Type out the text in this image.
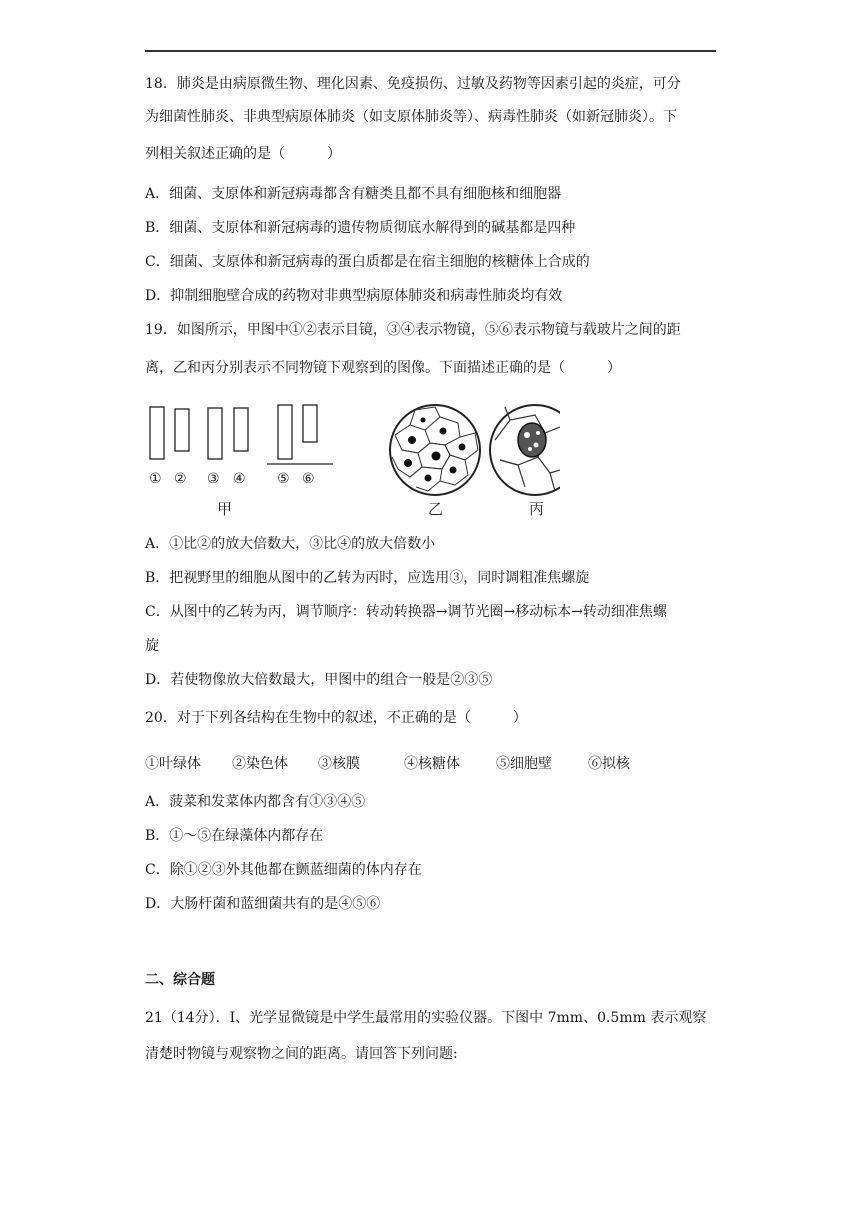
18．肺炎是由病原微生物、理化因素、免疫损伤、过敏及药物等因素引起的炎症，可分
为细菌性肺炎、非典型病原体肺炎（如支原体肺炎等）、病毒性肺炎（如新冠肺炎）。下
列相关叙述正确的是（　　　）
A．细菌、支原体和新冠病毒都含有糖类且都不具有细胞核和细胞器
B．细菌、支原体和新冠病毒的遗传物质彻底水解得到的碱基都是四种
C．细菌、支原体和新冠病毒的蛋白质都是在宿主细胞的核糖体上合成的
D．抑制细胞壁合成的药物对非典型病原体肺炎和病毒性肺炎均有效
19．如图所示，甲图中①②表示目镜，③④表示物镜，⑤⑥表示物镜与载玻片之间的距
离，乙和丙分别表示不同物镜下观察到的图像。下面描述正确的是（　　　）
① ② ③ ④ ⑤ ⑥
甲	乙	丙
A．①比②的放大倍数大，③比④的放大倍数小
B．把视野里的细胞从图中的乙转为丙时，应选用③，同时调粗准焦螺旋
C．从图中的乙转为丙，调节顺序：转动转换器→调节光圈→移动标本→转动细准焦螺
旋
D．若使物像放大倍数最大，甲图中的组合一般是②③⑤
20．对于下列各结构在生物中的叙述，不正确的是（　　　）
①叶绿体 ②染色体 ③核膜	④核糖体	⑤细胞壁	⑥拟核
A．菠菜和发菜体内都含有①③④⑤
B．①～⑤在绿藻体内都存在
C．除①②③外其他都在颤蓝细菌的体内存在
D．大肠杆菌和蓝细菌共有的是④⑤⑥
二、综合题
21（14分）．I、光学显微镜是中学生最常用的实验仪器。下图中 7mm、0.5mm 表示观察
清楚时物镜与观察物之间的距离。请回答下列问题:
